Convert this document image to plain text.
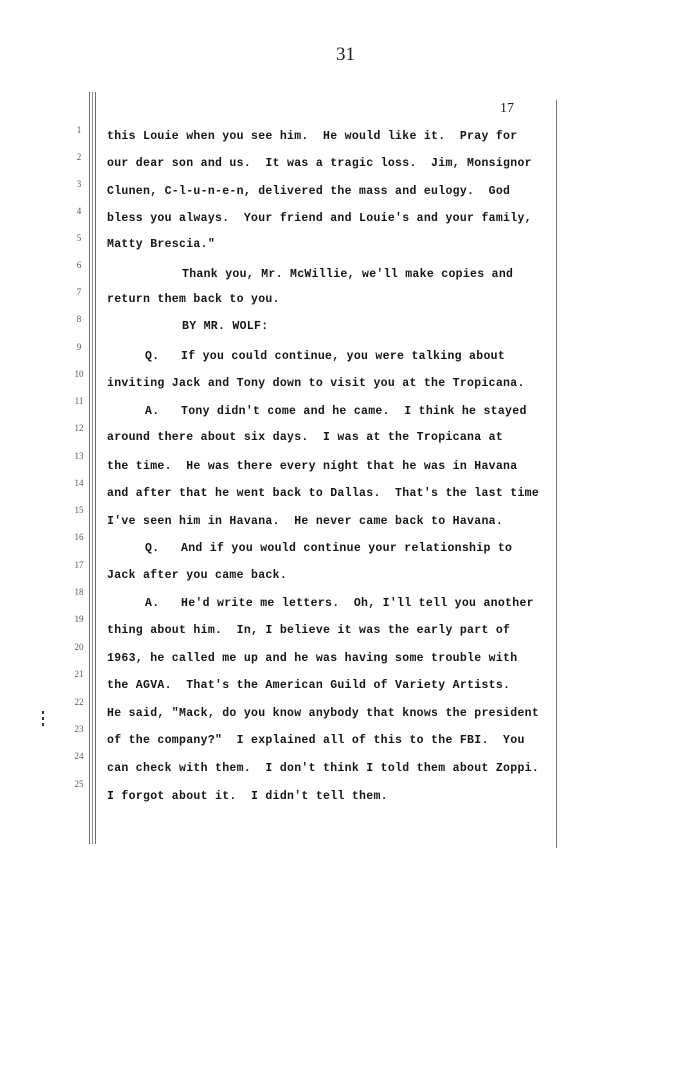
31
17
1	this Louie when you see him.  He would like it.  Pray for
2	our dear son and us.  It was a tragic loss.  Jim, Monsignor
3
Clunen, C-l-u-n-e-n, delivered the mass and eulogy.  God
4
bless you always.  Your friend and Louie's and your family,
5	Matty Brescia."
6
Thank you, Mr. McWillie, we'll make copies and
7
return them back to you.
8
BY MR. WOLF:
9
Q.   If you could continue, you were talking about
10
inviting Jack and Tony down to visit you at the Tropicana.
11
A.   Tony didn't come and he came.  I think he stayed
12
around there about six days.  I was at the Tropicana at
13
the time.  He was there every night that he was in Havana
14
and after that he went back to Dallas.  That's the last time
15
I've seen him in Havana.  He never came back to Havana.
16
Q.   And if you would continue your relationship to
17
Jack after you came back.
18
A.   He'd write me letters.  Oh, I'll tell you another
19
thing about him.  In, I believe it was the early part of
20
1963, he called me up and he was having some trouble with
21
the AGVA.  That's the American Guild of Variety Artists.
22
He said, "Mack, do you know anybody that knows the president
23
of the company?"  I explained all of this to the FBI.  You
24
can check with them.  I don't think I told them about Zoppi.
25
I forgot about it.  I didn't tell them.
